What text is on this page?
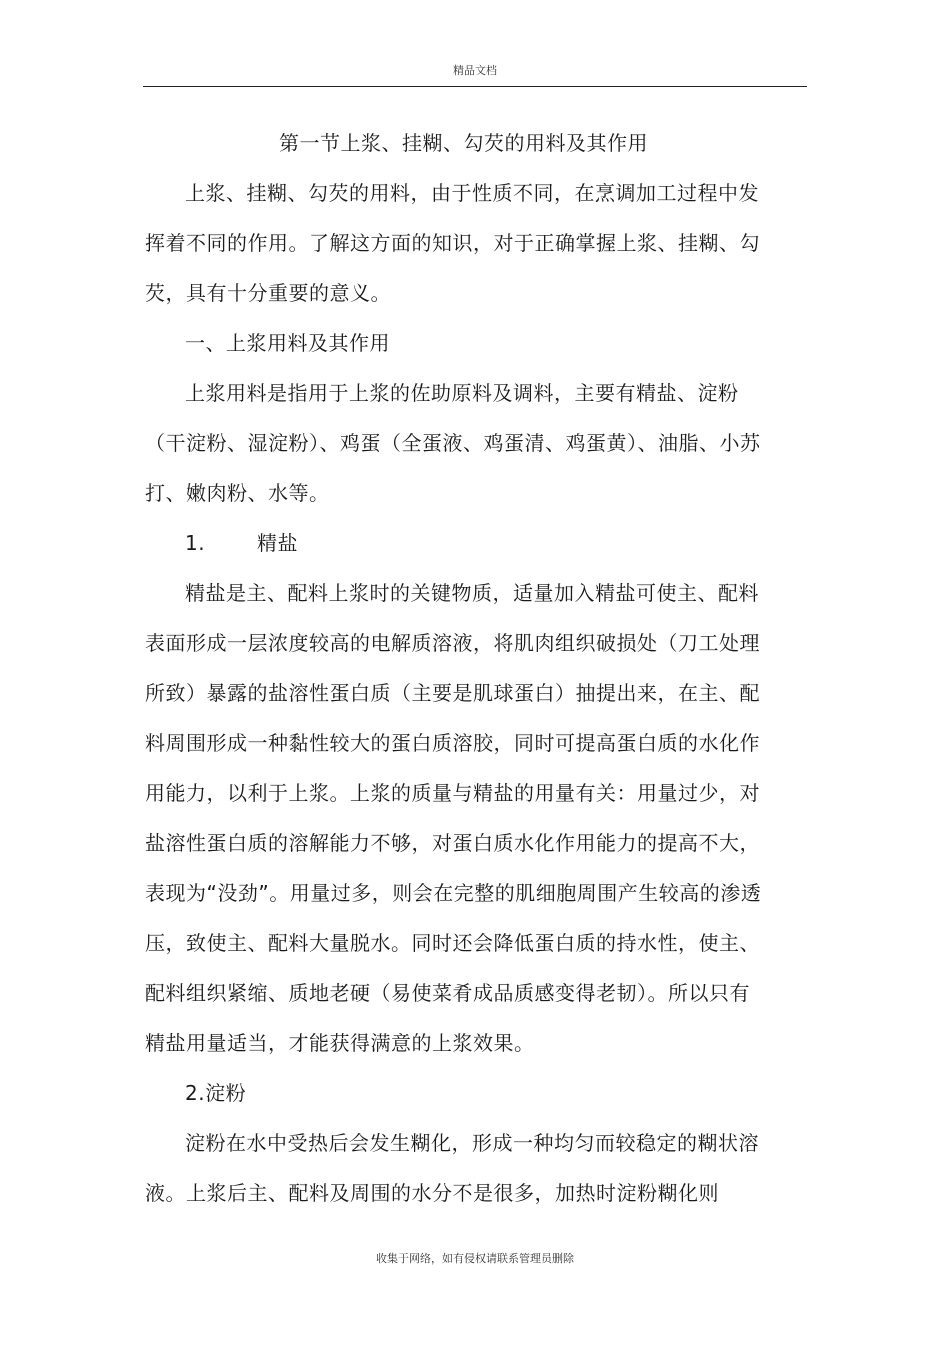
精品文档

第一节上浆、挂糊、勾芡的用料及其作用

上浆、挂糊、勾芡的用料，由于性质不同，在烹调加工过程中发挥着不同的作用。了解这方面的知识，对于正确掌握上浆、挂糊、勾芡，具有十分重要的意义。

一、上浆用料及其作用

上浆用料是指用于上浆的佐助原料及调料，主要有精盐、淀粉（干淀粉、湿淀粉）、鸡蛋（全蛋液、鸡蛋清、鸡蛋黄）、油脂、小苏打、嫩肉粉、水等。

1.	精盐

精盐是主、配料上浆时的关键物质，适量加入精盐可使主、配料表面形成一层浓度较高的电解质溶液，将肌肉组织破损处（刀工处理所致）暴露的盐溶性蛋白质（主要是肌球蛋白）抽提出来，在主、配料周围形成一种黏性较大的蛋白质溶胶，同时可提高蛋白质的水化作用能力，以利于上浆。上浆的质量与精盐的用量有关：用量过少，对盐溶性蛋白质的溶解能力不够，对蛋白质水化作用能力的提高不大，表现为“没劲”。用量过多，则会在完整的肌细胞周围产生较高的渗透压，致使主、配料大量脱水。同时还会降低蛋白质的持水性，使主、配料组织紧缩、质地老硬（易使菜肴成品质感变得老韧）。所以只有精盐用量适当，才能获得满意的上浆效果。

2.淀粉

淀粉在水中受热后会发生糊化，形成一种均匀而较稳定的糊状溶液。上浆后主、配料及周围的水分不是很多，加热时淀粉糊化则

收集于网络，如有侵权请联系管理员删除
